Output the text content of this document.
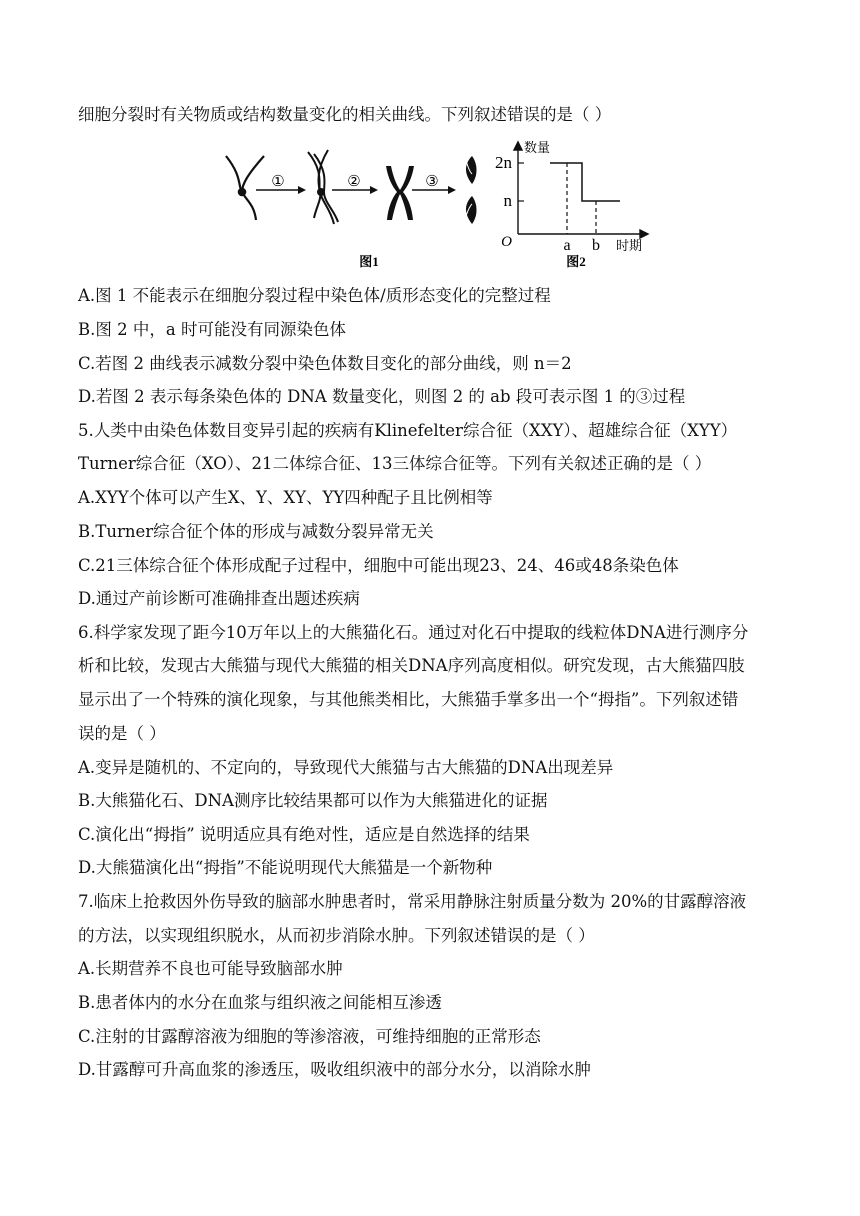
细胞分裂时有关物质或结构数量变化的相关曲线。下列叙述错误的是（ ）

①	②	③
图1
数量
2n
n
O	a b 时期
图2

A.图 1 不能表示在细胞分裂过程中染色体/质形态变化的完整过程

B.图 2 中，a 时可能没有同源染色体

C.若图 2 曲线表示减数分裂中染色体数目变化的部分曲线，则 n＝2

D.若图 2 表示每条染色体的 DNA 数量变化，则图 2 的 ab 段可表示图 1 的③过程

5.人类中由染色体数目变异引起的疾病有Klinefelter综合征（XXY）、超雄综合征（XYY）

Turner综合征（XO）、21二体综合征、13三体综合征等。下列有关叙述正确的是（ ）

A.XYY个体可以产生X、Y、XY、YY四种配子且比例相等

B.Turner综合征个体的形成与减数分裂异常无关

C.21三体综合征个体形成配子过程中，细胞中可能出现23、24、46或48条染色体

D.通过产前诊断可准确排查出题述疾病

6.科学家发现了距今10万年以上的大熊猫化石。通过对化石中提取的线粒体DNA进行测序分

析和比较，发现古大熊猫与现代大熊猫的相关DNA序列高度相似。研究发现，古大熊猫四肢

显示出了一个特殊的演化现象，与其他熊类相比，大熊猫手掌多出一个“拇指”。下列叙述错

误的是（ ）

A.变异是随机的、不定向的，导致现代大熊猫与古大熊猫的DNA出现差异

B.大熊猫化石、DNA测序比较结果都可以作为大熊猫进化的证据

C.演化出“拇指” 说明适应具有绝对性，适应是自然选择的结果

D.大熊猫演化出“拇指”不能说明现代大熊猫是一个新物种

7.临床上抢救因外伤导致的脑部水肿患者时，常采用静脉注射质量分数为 20%的甘露醇溶液

的方法，以实现组织脱水，从而初步消除水肿。下列叙述错误的是（ ）

A.长期营养不良也可能导致脑部水肿

B.患者体内的水分在血浆与组织液之间能相互渗透

C.注射的甘露醇溶液为细胞的等渗溶液，可维持细胞的正常形态

D.甘露醇可升高血浆的渗透压，吸收组织液中的部分水分，以消除水肿
